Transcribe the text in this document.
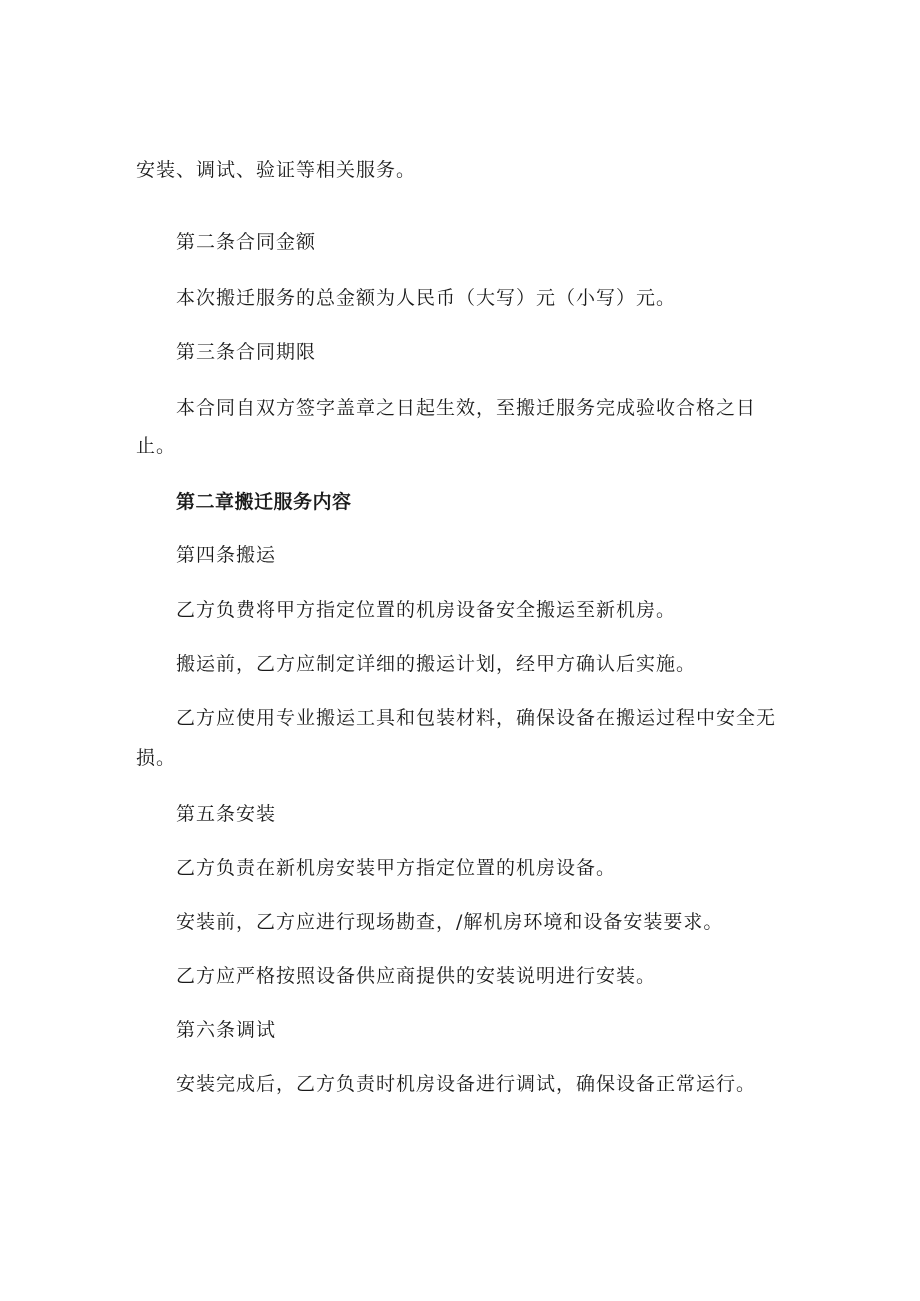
安装、调试、验证等相关服务。
第二条合同金额
本次搬迁服务的总金额为人民币（大写）元（小写）元。
第三条合同期限
本合同自双方签字盖章之日起生效，至搬迁服务完成验收合格之日
止。
第二章搬迁服务内容
第四条搬运
乙方负费将甲方指定位置的机房设备安全搬运至新机房。
搬运前，乙方应制定详细的搬运计划，经甲方确认后实施。
乙方应使用专业搬运工具和包装材料，确保设备在搬运过程中安全无
损。
第五条安装
乙方负责在新机房安装甲方指定位置的机房设备。
安装前，乙方应进行现场勘查，/解机房环境和设备安装要求。
乙方应严格按照设备供应商提供的安装说明进行安装。
第六条调试
安装完成后，乙方负责时机房设备进行调试，确保设备正常运行。
